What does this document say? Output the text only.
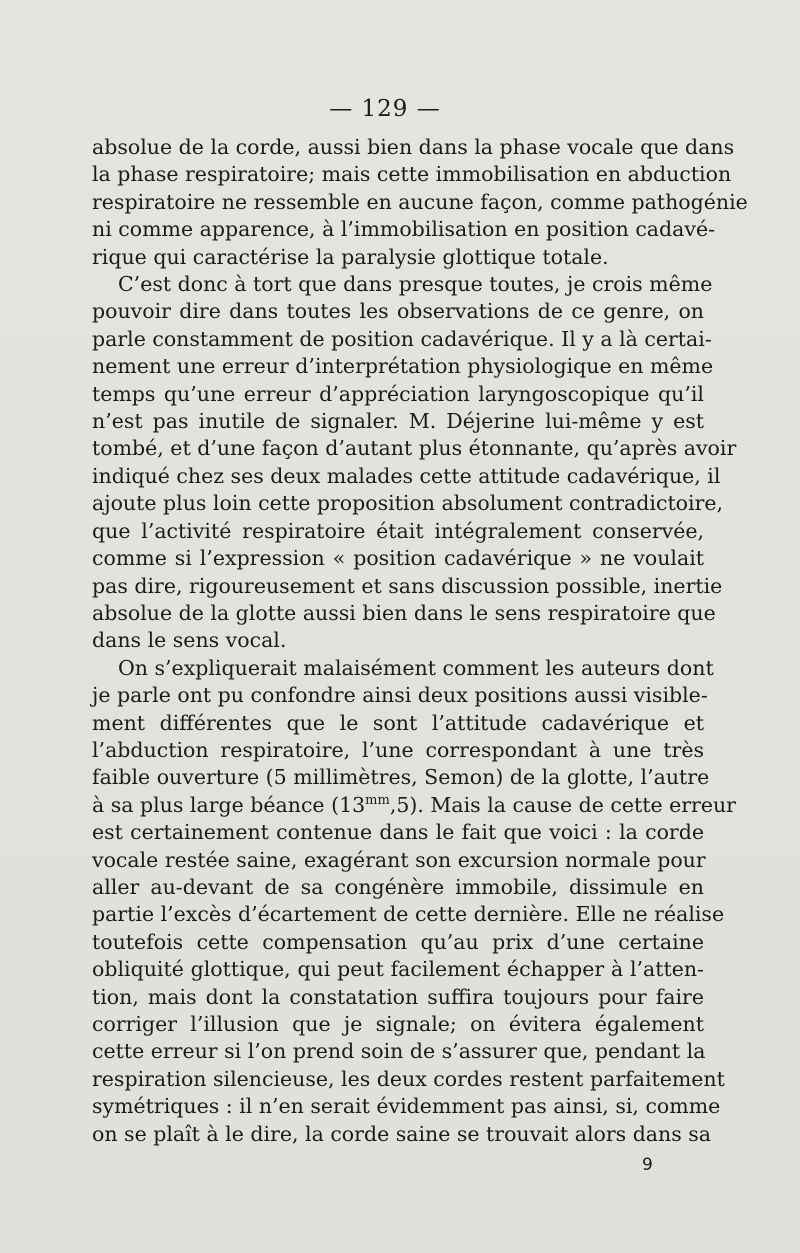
— 129 —
absolue de la corde, aussi bien dans la phase vocale que dans
la phase respiratoire; mais cette immobilisation en abduction
respiratoire ne ressemble en aucune façon, comme pathogénie
ni comme apparence, à l’immobilisation en position cadavé-
rique qui caractérise la paralysie glottique totale.
C’est donc à tort que dans presque toutes, je crois même
pouvoir dire dans toutes les observations de ce genre, on
parle constamment de position cadavérique. Il y a là certai-
nement une erreur d’interprétation physiologique en même
temps qu’une erreur d’appréciation laryngoscopique qu’il
n’est pas inutile de signaler. M. Déjerine lui-même y est
tombé, et d’une façon d’autant plus étonnante, qu’après avoir
indiqué chez ses deux malades cette attitude cadavérique, il
ajoute plus loin cette proposition absolument contradictoire,
que l’activité respiratoire était intégralement conservée,
comme si l’expression « position cadavérique » ne voulait
pas dire, rigoureusement et sans discussion possible, inertie
absolue de la glotte aussi bien dans le sens respiratoire que
dans le sens vocal.
On s’expliquerait malaisément comment les auteurs dont
je parle ont pu confondre ainsi deux positions aussi visible-
ment différentes que le sont l’attitude cadavérique et
l’abduction respiratoire, l’une correspondant à une très
faible ouverture (5 millimètres, Semon) de la glotte, l’autre
à sa plus large béance $(13^{mm},5)$. Mais la cause de cette erreur
est certainement contenue dans le fait que voici : la corde
vocale restée saine, exagérant son excursion normale pour
aller au-devant de sa congénère immobile, dissimule en
partie l’excès d’écartement de cette dernière. Elle ne réalise
toutefois cette compensation qu’au prix d’une certaine
obliquité glottique, qui peut facilement échapper à l’atten-
tion, mais dont la constatation suffira toujours pour faire
corriger l’illusion que je signale; on évitera également
cette erreur si l’on prend soin de s’assurer que, pendant la
respiration silencieuse, les deux cordes restent parfaitement
symétriques : il n’en serait évidemment pas ainsi, si, comme
on se plaît à le dire, la corde saine se trouvait alors dans sa
9
